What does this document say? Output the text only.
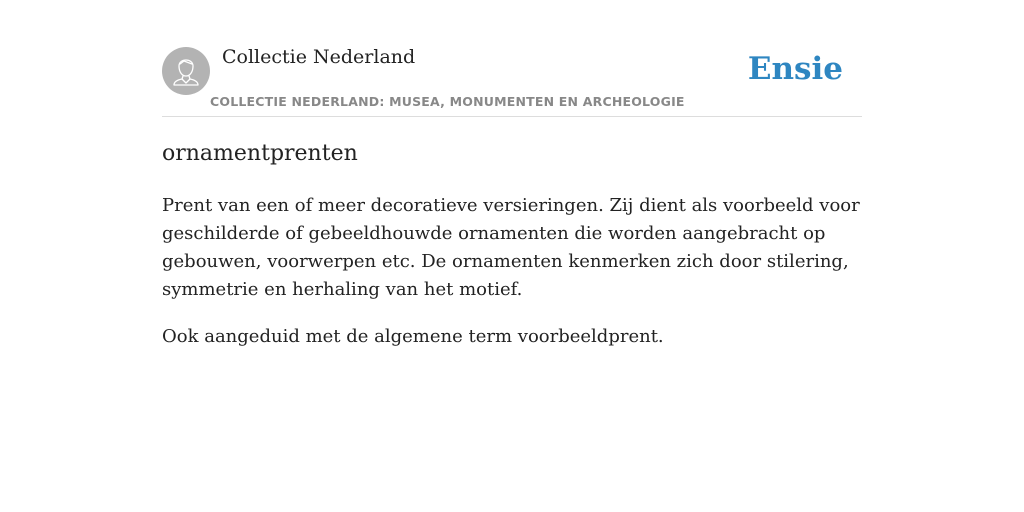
Collectie Nederland
COLLECTIE NEDERLAND: MUSEA, MONUMENTEN EN ARCHEOLOGIE
Ensie
ornamentprenten

Prent van een of meer decoratieve versieringen. Zij dient als voorbeeld voor
geschilderde of gebeeldhouwde ornamenten die worden aangebracht op
gebouwen, voorwerpen etc. De ornamenten kenmerken zich door stilering,
symmetrie en herhaling van het motief.

Ook aangeduid met de algemene term voorbeeldprent.
